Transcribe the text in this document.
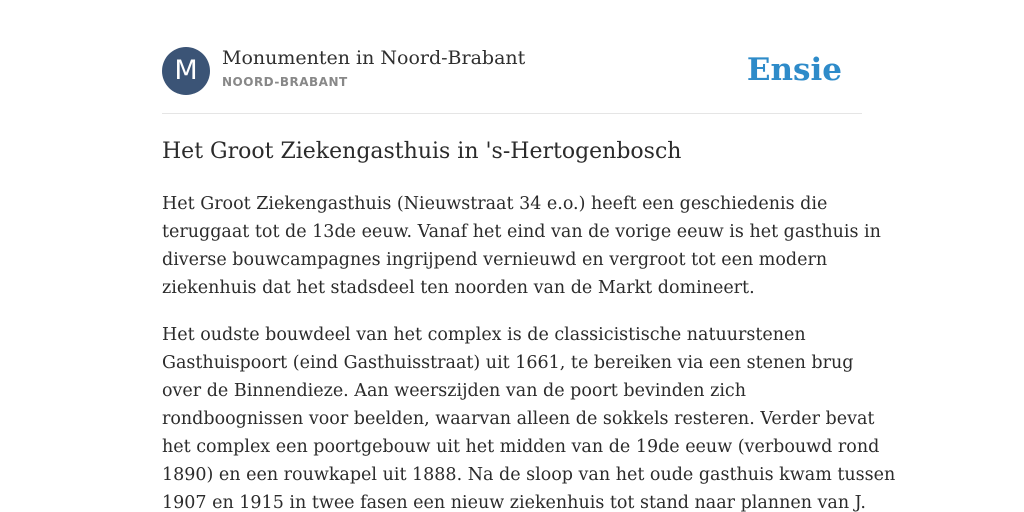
M	Monumenten in Noord-Brabant
NOORD-BRABANT	Ensie
Het Groot Ziekengasthuis in 's-Hertogenbosch

Het Groot Ziekengasthuis (Nieuwstraat 34 e.o.) heeft een geschiedenis die
teruggaat tot de 13de eeuw. Vanaf het eind van de vorige eeuw is het gasthuis in
diverse bouwcampagnes ingrijpend vernieuwd en vergroot tot een modern
ziekenhuis dat het stadsdeel ten noorden van de Markt domineert.

Het oudste bouwdeel van het complex is de classicistische natuurstenen
Gasthuispoort (eind Gasthuisstraat) uit 1661, te bereiken via een stenen brug
over de Binnendieze. Aan weerszijden van de poort bevinden zich
rondboognissen voor beelden, waarvan alleen de sokkels resteren. Verder bevat
het complex een poortgebouw uit het midden van de 19de eeuw (verbouwd rond
1890) en een rouwkapel uit 1888. Na de sloop van het oude gasthuis kwam tussen
1907 en 1915 in twee fasen een nieuw ziekenhuis tot stand naar plannen van J.
